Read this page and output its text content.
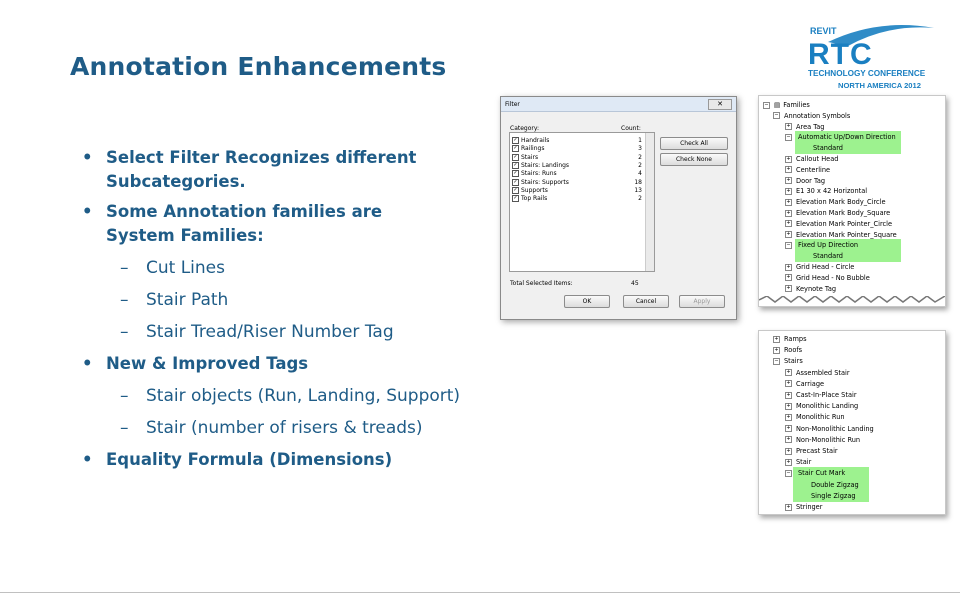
Annotation Enhancements
REVIT
RTC
TECHNOLOGY CONFERENCE
NORTH AMERICA 2012
• Select Filter Recognizes different Subcategories.
• Some Annotation families are System Families:
– Cut Lines
– Stair Path
– Stair Tread/Riser Number Tag
• New & Improved Tags
– Stair objects (Run, Landing, Support)
– Stair (number of risers & treads)
• Equality Formula (Dimensions)
Filter	✕
Category:	Count:
✓ Handrails	1
✓ Railings	3
✓ Stairs	2
✓ Stairs: Landings	2
✓ Stairs: Runs	4
✓ Stairs: Supports	18
✓ Supports	13
✓ Top Rails	2
Check All
Check None
Total Selected Items:	45
OK	Cancel	Apply
− ▤ Families
− Annotation Symbols
+ Area Tag
− Automatic Up/Down Direction
Standard
+ Callout Head
+ Centerline
+ Door Tag
+ E1 30 x 42 Horizontal
+ Elevation Mark Body_Circle
+ Elevation Mark Body_Square
+ Elevation Mark Pointer_Circle
+ Elevation Mark Pointer_Square
− Fixed Up Direction
Standard
+ Grid Head - Circle
+ Grid Head - No Bubble
+ Keynote Tag
+ Ramps
+ Roofs
− Stairs
+ Assembled Stair
+ Carriage
+ Cast-In-Place Stair
+ Monolithic Landing
+ Monolithic Run
+ Non-Monolithic Landing
+ Non-Monolithic Run
+ Precast Stair
+ Stair
− Stair Cut Mark
Double Zigzag
Single Zigzag
+ Stringer
